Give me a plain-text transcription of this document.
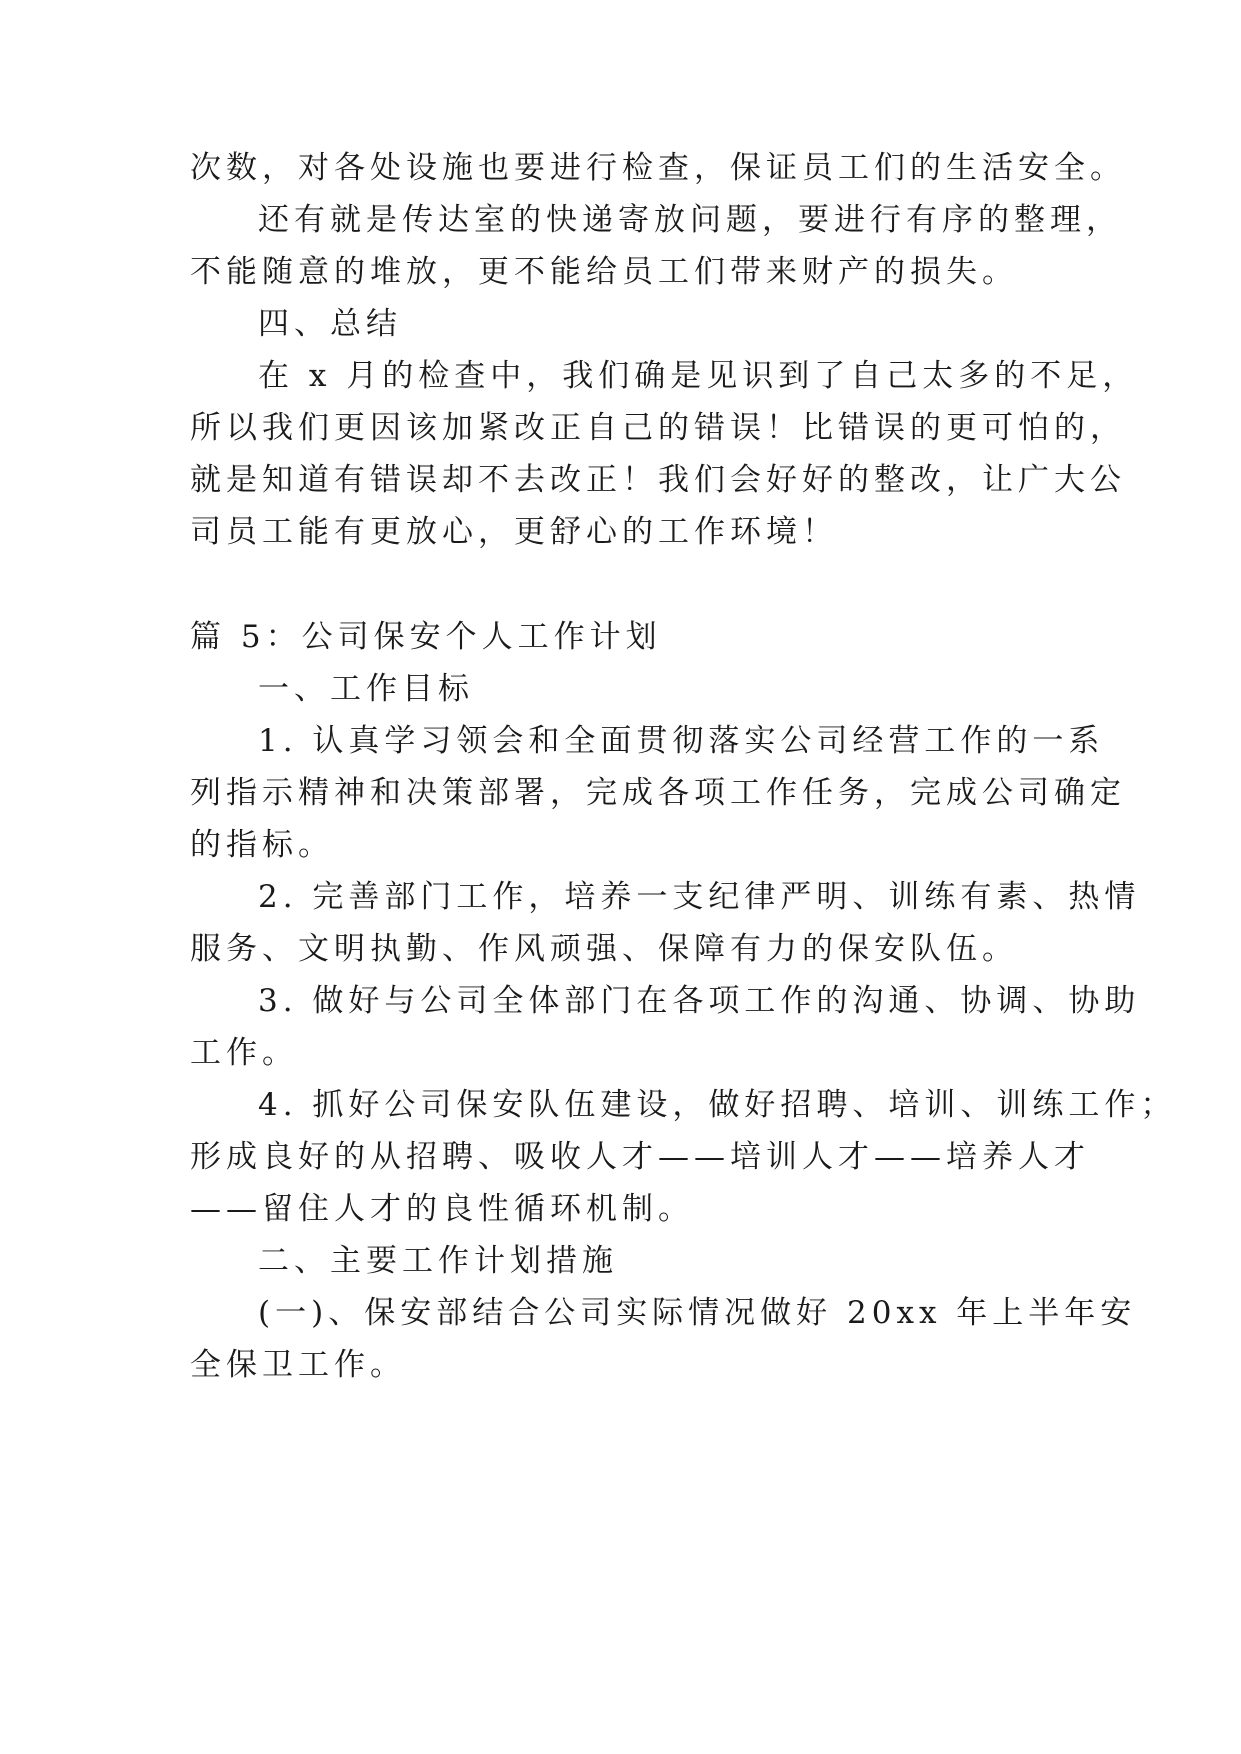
次数，对各处设施也要进行检查，保证员工们的生活安全。
还有就是传达室的快递寄放问题，要进行有序的整理，
不能随意的堆放，更不能给员工们带来财产的损失。
四、总结
在 x 月的检查中，我们确是见识到了自己太多的不足，
所以我们更因该加紧改正自己的错误！比错误的更可怕的，
就是知道有错误却不去改正！我们会好好的整改，让广大公
司员工能有更放心，更舒心的工作环境！
篇 5：公司保安个人工作计划
一、工作目标
1. 认真学习领会和全面贯彻落实公司经营工作的一系
列指示精神和决策部署，完成各项工作任务，完成公司确定
的指标。
2. 完善部门工作，培养一支纪律严明、训练有素、热情
服务、文明执勤、作风顽强、保障有力的保安队伍。
3. 做好与公司全体部门在各项工作的沟通、协调、协助
工作。
4. 抓好公司保安队伍建设，做好招聘、培训、训练工作；
形成良好的从招聘、吸收人才——培训人才——培养人才
——留住人才的良性循环机制。
二、主要工作计划措施
(一)、保安部结合公司实际情况做好 20xx 年上半年安
全保卫工作。
